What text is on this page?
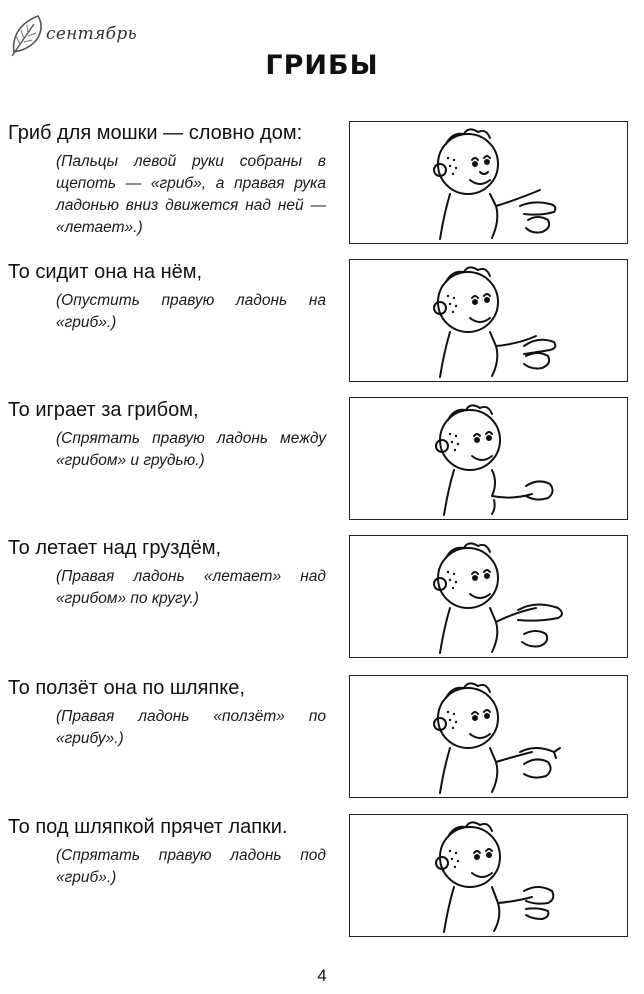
сентябрь
ГРИБЫ
Гриб для мошки — словно дом:
(Пальцы левой руки собраны в щепоть — «гриб», а правая рука ладонью вниз движется над ней — «летает».)
То сидит она на нём,
(Опустить правую ладонь на «гриб».)
То играет за грибом,
(Спрятать правую ладонь между «грибом» и грудью.)
То летает над груздём,
(Правая ладонь «летает» над «грибом» по кругу.)
То ползёт она по шляпке,
(Правая ладонь «ползёт» по «грибу».)
То под шляпкой прячет лапки.
(Спрятать правую ладонь под «гриб».)
4
